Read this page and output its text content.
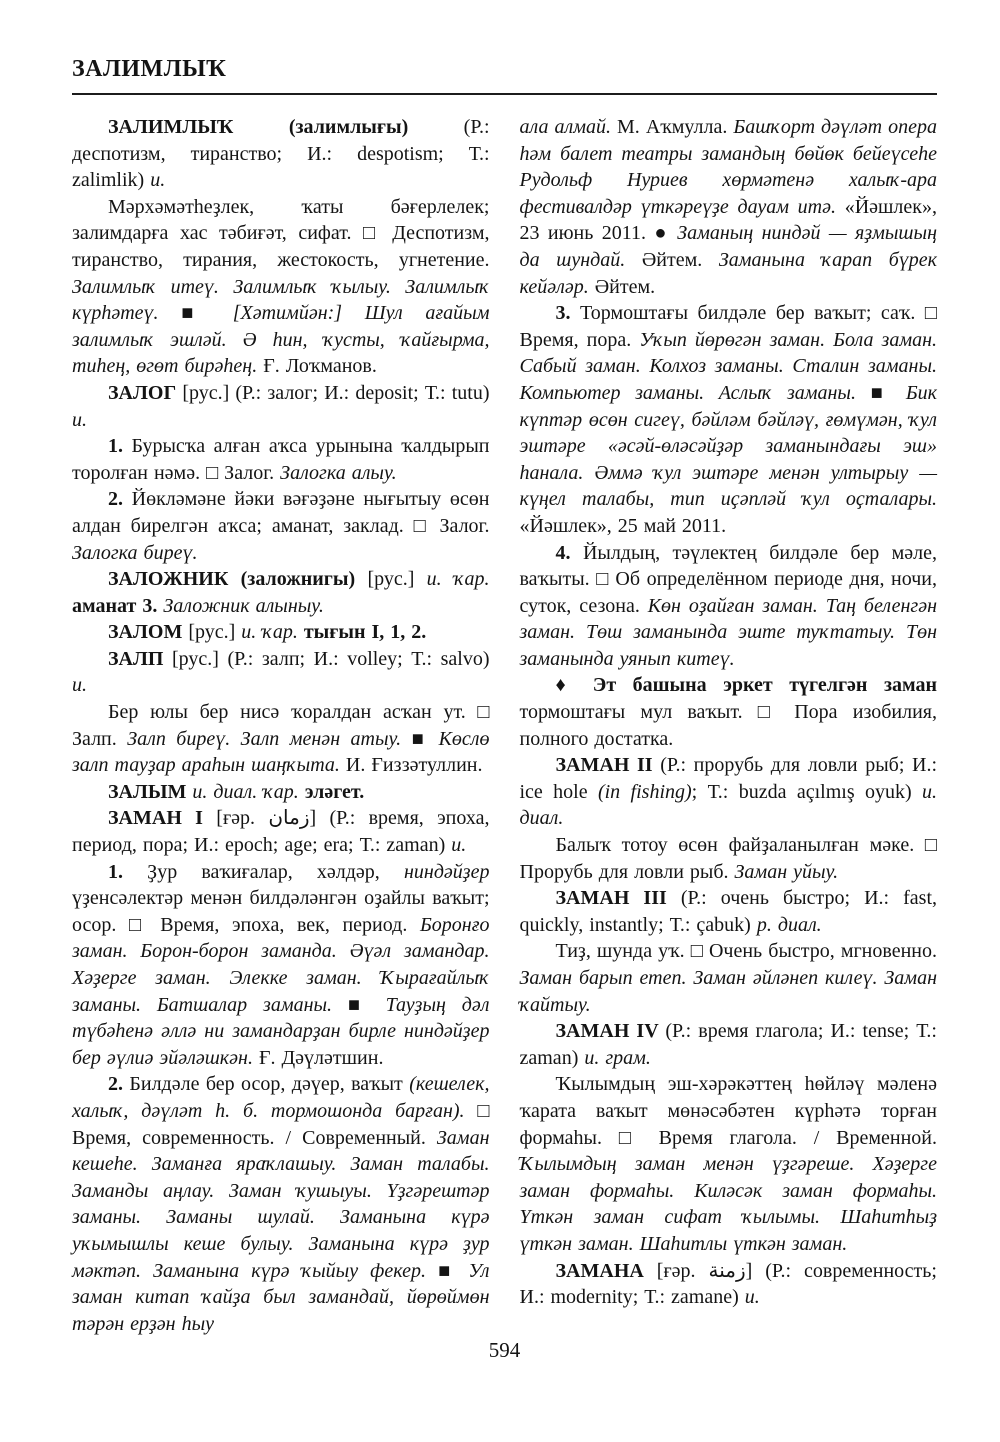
ЗАЛИМЛЫҠ

ЗАЛИМЛЫҠ (залимлығы) (Р.: деспотизм, тиранство; И.: despotism; Т.: zalimlik) и.

Мәрхәмәтһеҙлек, ҡаты бәғерлелек; залимдарға хас тәбиғәт, сифат. □ Деспотизм, тиранство, тирания, жестокость, угнетение. Залимлыҡ итеү. Залимлыҡ ҡылыу. Залимлыҡ күрһәтеү. ■ [Хәтимйән:] Шул ағайым залимлыҡ эшләй. Ә һин, ҡусты, ҡайғырма, тиһең, өгөт бирәһең. Ғ. Лоҡманов.

ЗАЛОГ [рус.] (Р.: залог; И.: deposit; Т.: tutu) и.

1. Бурысҡа алған аҡса урынына ҡалдырып торолған нәмә. □ Залог. Залогка алыу.

2. Йөкләмәне йәки вәғәҙәне нығытыу өсөн алдан бирелгән аҡса; аманат, заклад. □ Залог. Залогка биреү.

ЗАЛОЖНИК (заложнигы) [рус.] и. ҡар. аманат 3. Заложник алыныу.

ЗАЛОМ [рус.] и. ҡар. тығын I, 1, 2.

ЗАЛП [рус.] (Р.: залп; И.: volley; Т.: salvo) и.

Бер юлы бер нисә ҡоралдан асҡан ут. □ Залп. Залп биреү. Залп менән атыу. ■ Көслө залп тауҙар араһын шаңҡыта. И. Ғиззәтуллин.

ЗАЛЫМ и. диал. ҡар. эләгет.

ЗАМАН I [ғәр. زمان] (Р.: время, эпоха, период, пора; И.: epoch; age; era; Т.: zaman) и.

1. Ҙур ваҡиғалар, хәлдәр, ниндәйҙер үҙенсәлектәр менән билдәләнгән оҙайлы ваҡыт; осор. □ Время, эпоха, век, период. Боронғо заман. Борон-борон заманда. Әүәл замандар. Хәҙерге заман. Элекке заман. Ҡырағайлыҡ заманы. Батшалар заманы. ■ Тауҙың дәл түбәһенә әллә ни замандарҙан бирле ниндәйҙер бер әүлиә эйәләшкән. Ғ. Дәүләтшин.

2. Билдәле бер осор, дәүер, ваҡыт (кешелек, халыҡ, дәүләт һ. б. тормошонда барған). □ Время, современность. / Современный. Заман кешеһе. Заманға яраҡлашыу. Заман талабы. Заманды аңлау. Заман ҡушыуы. Үҙгәрештәр заманы. Заманы шулай. Заманына күрә уҡымышлы кеше булыу. Заманына күрә ҙур мәктәп. Заманына күрә ҡыйыу фекер. ■ Ул заман китап ҡайҙа был замандай, йөрөймөн тәрән ерҙән һыу

ала алмай. М. Аҡмулла. Башҡорт дәүләт опера һәм балет театры замандың бөйөк бейеүсеһе Рудольф Нуриев хөрмәтенә халыҡ-ара фестивалдәр үткәреүҙе дауам итә. «Йәшлек», 23 июнь 2011. ● Заманың ниндәй — яҙмышың да шундай. Әйтем. Заманына ҡарап бүрек кейәләр. Әйтем.

3. Тормоштағы билдәле бер ваҡыт; саҡ. □ Время, пора. Уҡып йөрөгән заман. Бола заман. Сабый заман. Колхоз заманы. Сталин заманы. Компьютер заманы. Аслыҡ заманы. ■ Бик күптәр өсөн сигеү, бәйләм бәйләү, ғөмүмән, ҡул эштәре «әсәй-өләсәйҙәр заманындағы эш» һанала. Әммә ҡул эштәре менән ултырыу — күңел талабы, тип иҫәпләй ҡул оҫталары. «Йәшлек», 25 май 2011.

4. Йылдың, тәүлектең билдәле бер мәле, ваҡыты. □ Об определённом периоде дня, ночи, суток, сезона. Көн оҙайған заман. Таң беленгән заман. Төш заманында эште туҡтатыу. Төн заманында уянып китеү.

♦ Эт башына эркет түгелгән заман тормоштағы мул ваҡыт. □ Пора изобилия, полного достатка.

ЗАМАН II (Р.: прорубь для ловли рыб; И.: ice hole (in fishing); Т.: buzda açılmış oyuk) и. диал.

Балыҡ тотоу өсөн файҙаланылған мәке. □ Прорубь для ловли рыб. Заман уйыу.

ЗАМАН III (Р.: очень быстро; И.: fast, quickly, instantly; Т.: çabuk) р. диал.

Тиҙ, шунда уҡ. □ Очень быстро, мгновенно. Заман барып етеп. Заман әйләнеп килеү. Заман ҡайтыу.

ЗАМАН IV (Р.: время глагола; И.: tense; Т.: zaman) и. грам.

Ҡылымдың эш-хәрәкәттең һөйләү мәленә ҡарата ваҡыт мөнәсәбәтен күрһәтә торған формаһы. □ Время глагола. / Временной. Ҡылымдың заман менән үҙгәреше. Хәҙерге заман формаһы. Киләсәк заман формаһы. Үткән заман сифат ҡылымы. Шаһитһыҙ үткән заман. Шаһитлы үткән заман.

ЗАМАНА [ғәр. زمنة] (Р.: современность; И.: modernity; Т.: zamane) и.

594
